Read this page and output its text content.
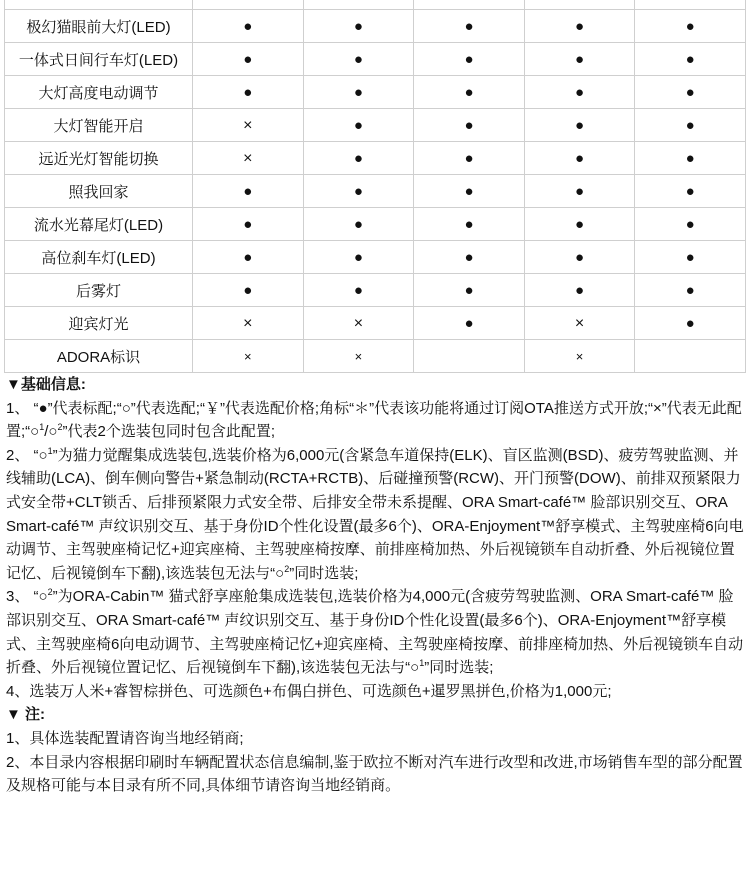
极幻猫眼前大灯(LED)	●	●	●	●	●
一体式日间行车灯(LED)	●	●	●	●	●
大灯高度电动调节	●	●	●	●	●
大灯智能开启	×	●	●	●	●
远近光灯智能切换	×	●	●	●	●
照我回家	●	●	●	●	●
流水光幕尾灯(LED)	●	●	●	●	●
高位刹车灯(LED)	●	●	●	●	●
后雾灯	●	●	●	●	●
迎宾灯光	×	×	●	×	●
ADORA标识	×	×		×	

▼基础信息:

1、 “●”代表标配;“○”代表选配;“￥”代表选配价格;角标“＊”代表该功能将通过订阅OTA推送方式开放;“×”代表无此配置;“○$^1$/○$^2$”代表2个选装包同时包含此配置;

2、 “○$^1$”为猫力觉醒集成选装包,选装价格为6,000元(含紧急车道保持(ELK)、盲区监测(BSD)、疲劳驾驶监测、并线辅助(LCA)、倒车侧向警告+紧急制动(RCTA+RCTB)、后碰撞预警(RCW)、开门预警(DOW)、前排双预紧限力式安全带+CLT锁舌、后排预紧限力式安全带、后排安全带未系提醒、ORA Smart-café™ 脸部识别交互、ORA Smart-café™ 声纹识别交互、基于身份ID个性化设置(最多6个)、ORA-Enjoyment™舒享模式、主驾驶座椅6向电动调节、主驾驶座椅记忆+迎宾座椅、主驾驶座椅按摩、前排座椅加热、外后视镜锁车自动折叠、外后视镜位置记忆、后视镜倒车下翻),该选装包无法与“○$^2$”同时选装;

3、 “○$^2$”为ORA-Cabin™ 猫式舒享座舱集成选装包,选装价格为4,000元(含疲劳驾驶监测、ORA Smart-café™ 脸部识别交互、ORA Smart-café™ 声纹识别交互、基于身份ID个性化设置(最多6个)、ORA-Enjoyment™舒享模式、主驾驶座椅6向电动调节、主驾驶座椅记忆+迎宾座椅、主驾驶座椅按摩、前排座椅加热、外后视镜锁车自动折叠、外后视镜位置记忆、后视镜倒车下翻),该选装包无法与“○$^1$”同时选装;

4、选装万人米+睿智棕拼色、可选颜色+布偶白拼色、可选颜色+暹罗黑拼色,价格为1,000元;

▼ 注:

1、具体选装配置请咨询当地经销商;

2、本目录内容根据印刷时车辆配置状态信息编制,鉴于欧拉不断对汽车进行改型和改进,市场销售车型的部分配置及规格可能与本目录有所不同,具体细节请咨询当地经销商。
